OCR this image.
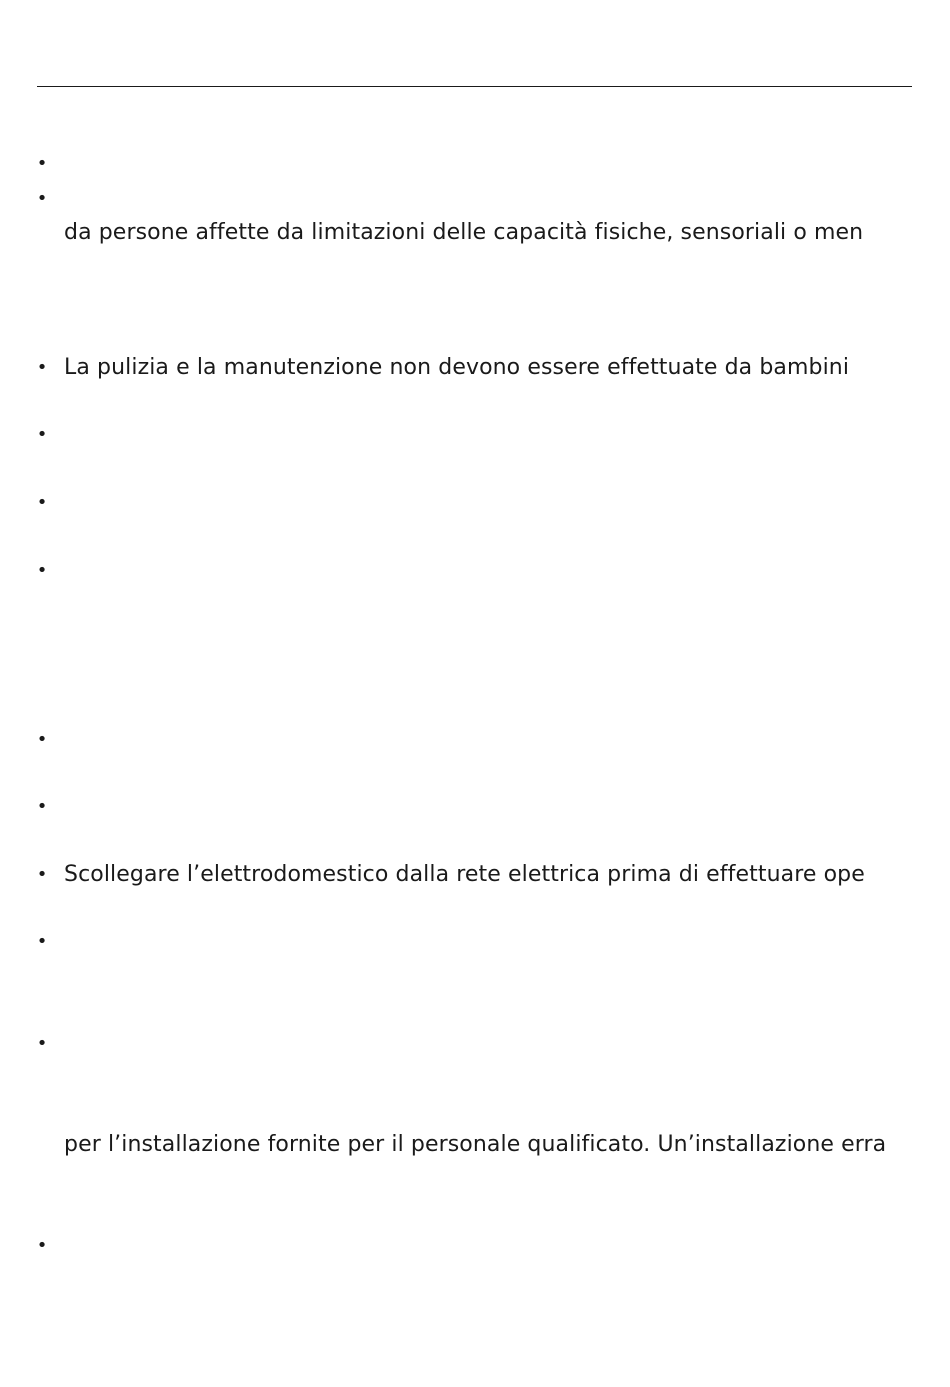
•
•
da persone affette da limitazioni delle capacità fisiche, sensoriali o men
• La pulizia e la manutenzione non devono essere effettuate da bambini
•
•
•
•
•
• Scollegare l’elettrodomestico dalla rete elettrica prima di effettuare ope
•
•
per l’installazione fornite per il personale qualificato. Un’installazione erra
•
